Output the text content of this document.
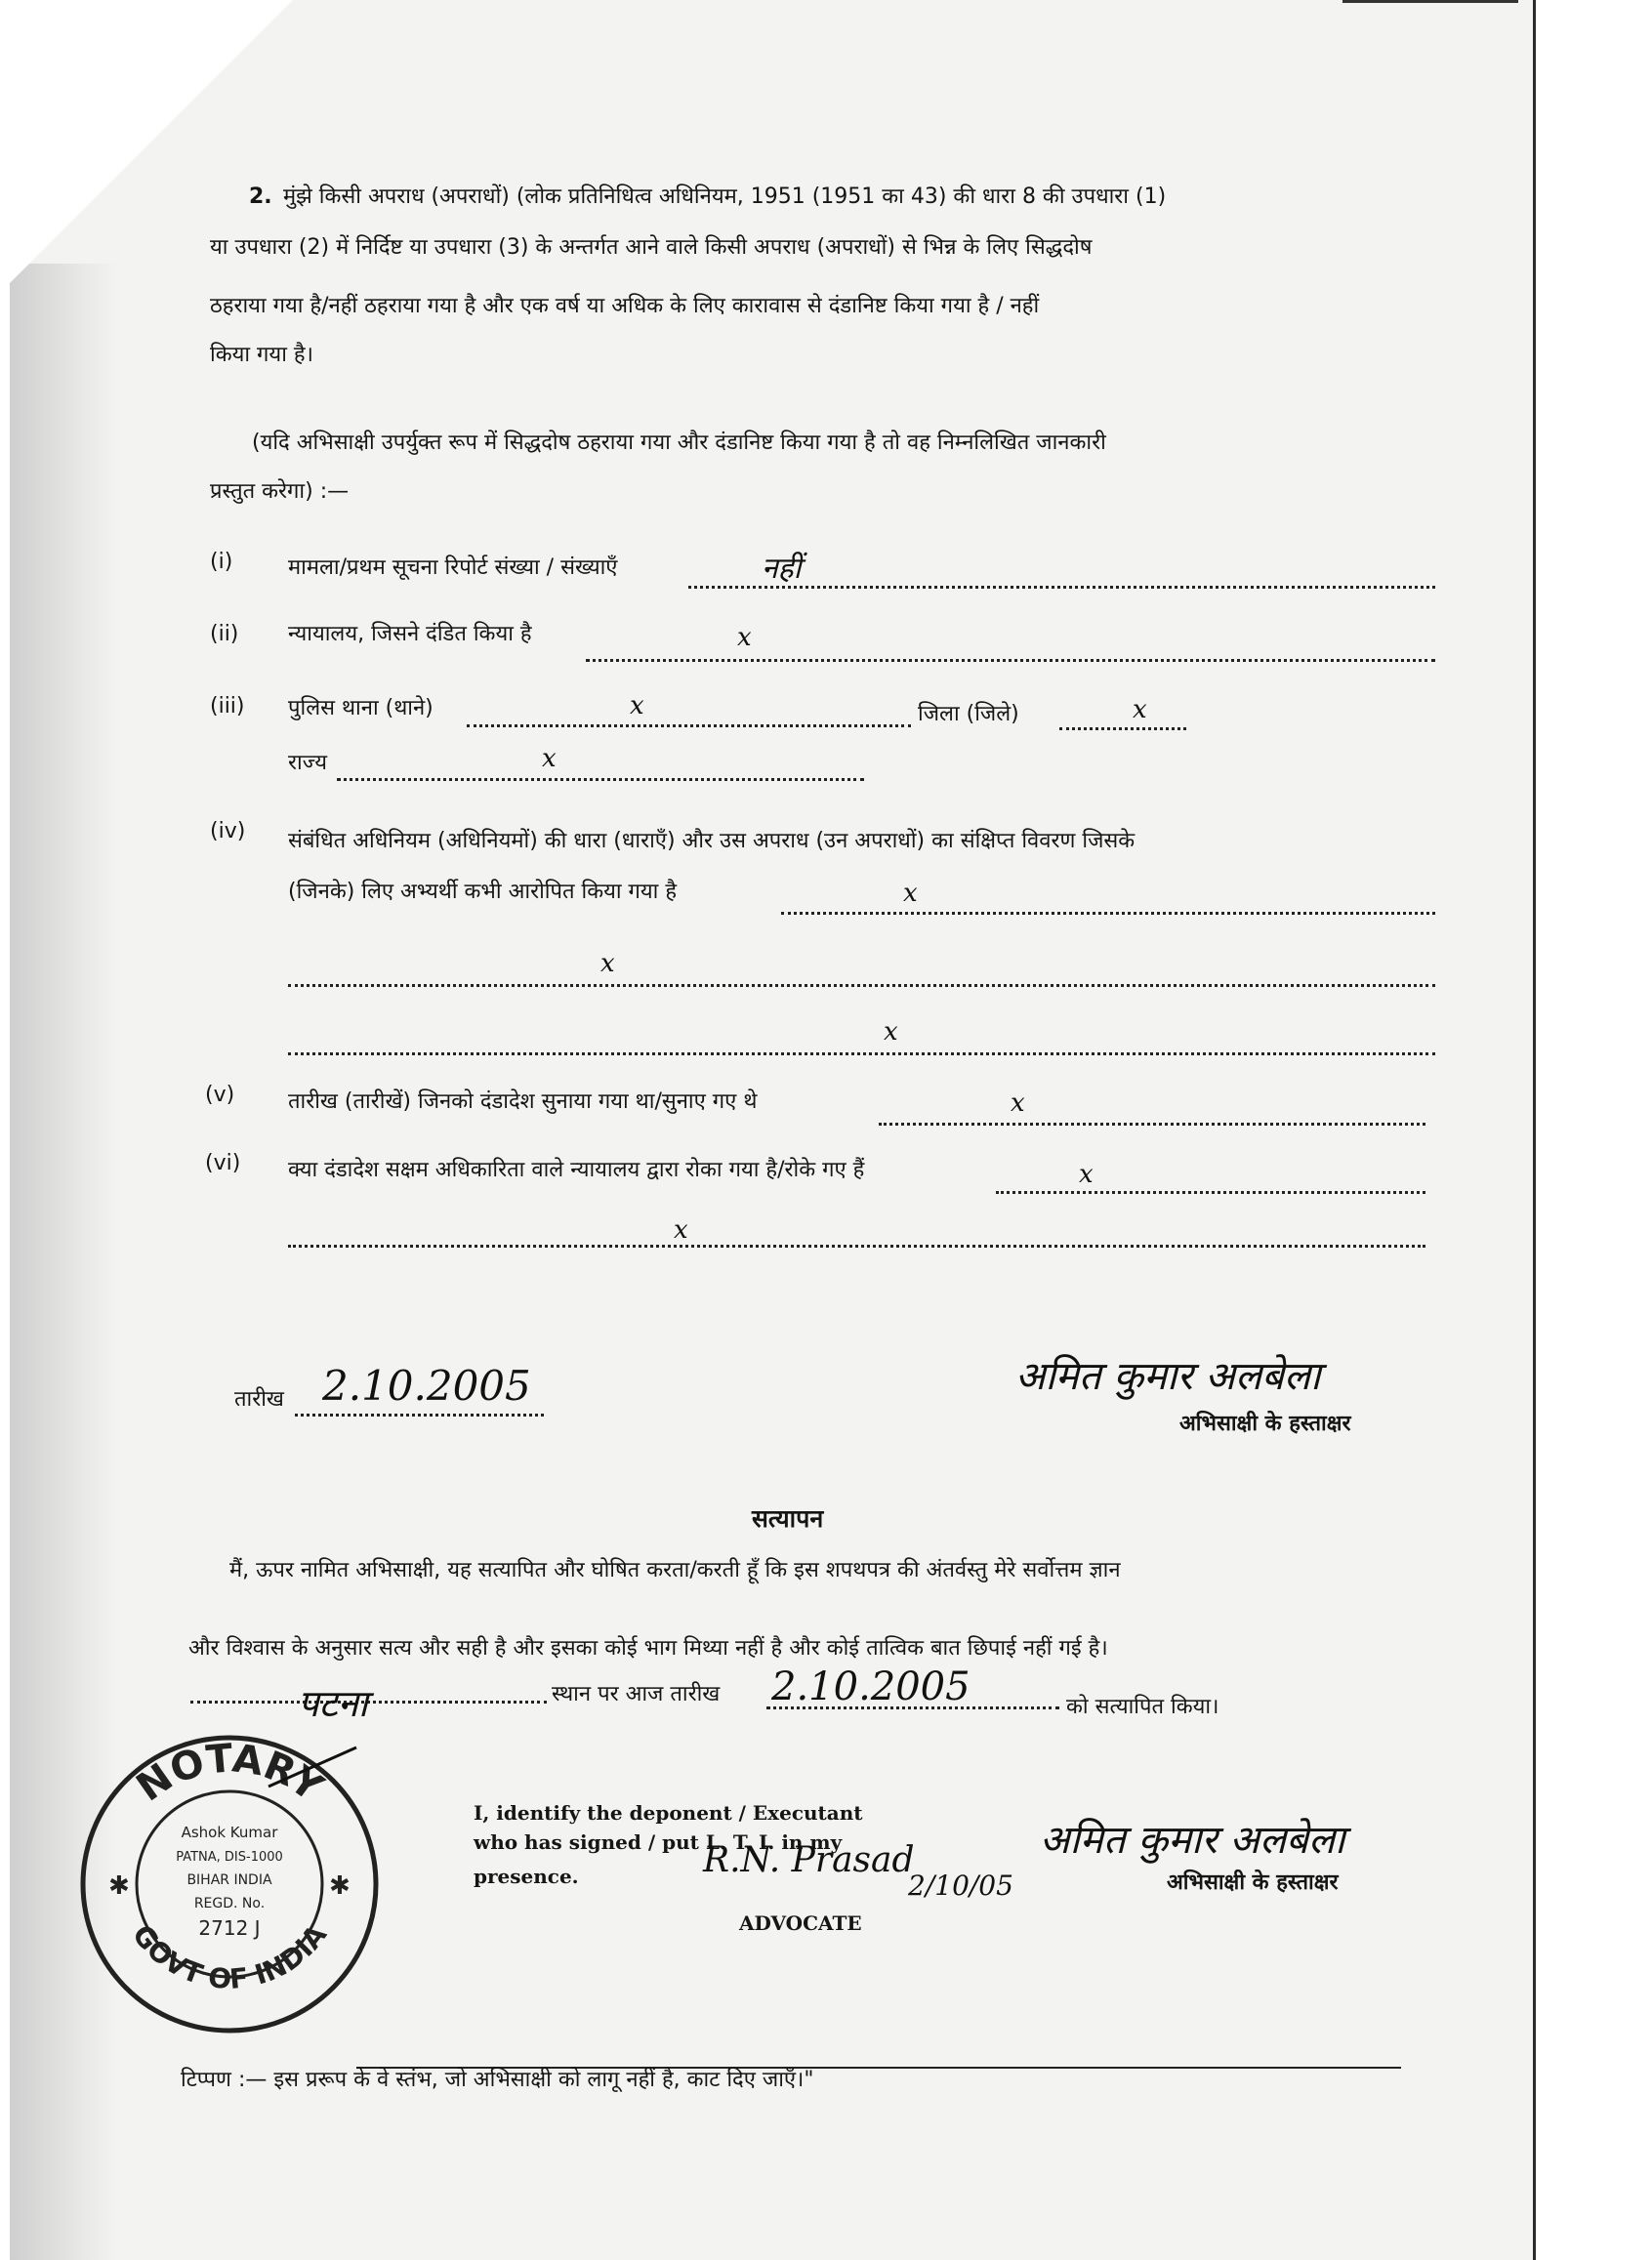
2. मुंझे किसी अपराध (अपराधों) (लोक प्रतिनिधित्व अधिनियम, 1951 (1951 का 43) की धारा 8 की उपधारा (1)
या उपधारा (2) में निर्दिष्ट या उपधारा (3) के अन्तर्गत आने वाले किसी अपराध (अपराधों) से भिन्न के लिए सिद्धदोष
ठहराया गया है/नहीं ठहराया गया है और एक वर्ष या अधिक के लिए कारावास से दंडानिष्ट किया गया है / नहीं
किया गया है।
(यदि अभिसाक्षी उपर्युक्त रूप में सिद्धदोष ठहराया गया और दंडानिष्ट किया गया है तो वह निम्नलिखित जानकारी
प्रस्तुत करेगा) :—
(i)	मामला/प्रथम सूचना रिपोर्ट संख्या / संख्याएँ	नहीं
(ii) न्यायालय, जिसने दंडित किया है	x
(iii) पुलिस थाना (थाने)	x	जिला (जिले)	x
राज्य	x
(iv) संबंधित अधिनियम (अधिनियमों) की धारा (धाराएँ) और उस अपराध (उन अपराधों) का संक्षिप्त विवरण जिसके
(जिनके) लिए अभ्यर्थी कभी आरोपित किया गया है	x
x
x
(v) तारीख (तारीखें) जिनको दंडादेश सुनाया गया था/सुनाए गए थे	x
(vi) क्या दंडादेश सक्षम अधिकारिता वाले न्यायालय द्वारा रोका गया है/रोके गए हैं	x
x
तारीख 2.10.2005	अमित कुमार अलबेला
अभिसाक्षी के हस्ताक्षर
सत्यापन
मैं, ऊपर नामित अभिसाक्षी, यह सत्यापित और घोषित करता/करती हूँ कि इस शपथपत्र की अंतर्वस्तु मेरे सर्वोत्तम ज्ञान
और विश्वास के अनुसार सत्य और सही है और इसका कोई भाग मिथ्या नहीं है और कोई तात्विक बात छिपाई नहीं गई है।
पटना	स्थान पर आज तारीख 2.10.2005	को सत्यापित किया।
NOTARY
GOVT OF INDIA
✱	✱
Ashok Kumar
PATNA, DIS-1000
BIHAR INDIA
REGD. No.
2712 J
I, identify the deponent / Executant
who has signed / put L. T. I. in my
presence.	R.N. Prasad
2/10/05
ADVOCATE
अमित कुमार अलबेला
अभिसाक्षी के हस्ताक्षर
टिप्पण :— इस प्ररूप के वे स्तंभ, जो अभिसाक्षी को लागू नहीं है, काट दिए जाएँ।"
